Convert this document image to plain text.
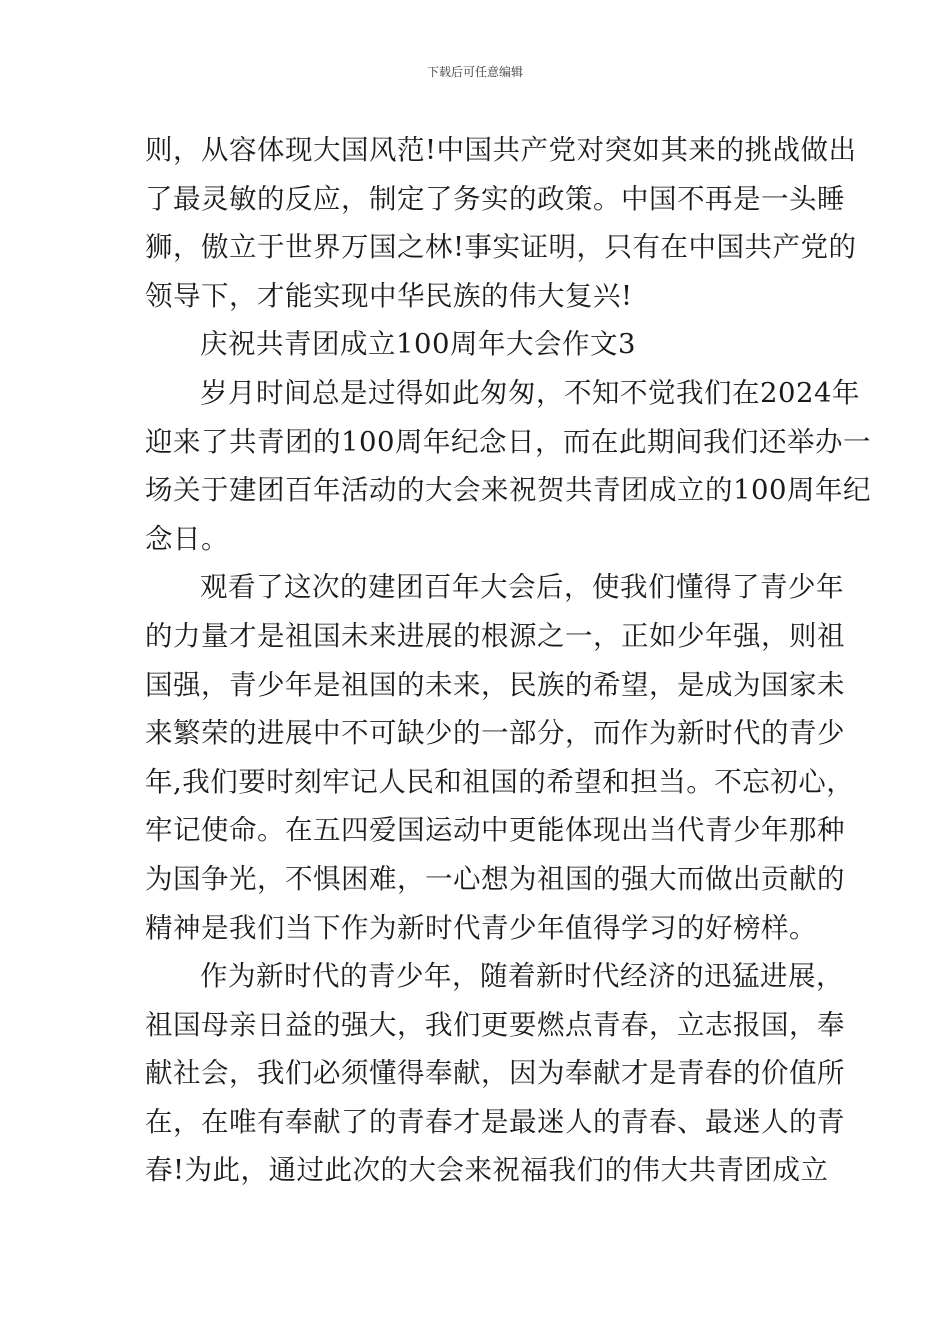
下载后可任意编辑
则，从容体现大国风范!中国共产党对突如其来的挑战做出
了最灵敏的反应，制定了务实的政策。中国不再是一头睡
狮，傲立于世界万国之林!事实证明，只有在中国共产党的
领导下，才能实现中华民族的伟大复兴!
庆祝共青团成立100周年大会作文3
岁月时间总是过得如此匆匆，不知不觉我们在2024年
迎来了共青团的100周年纪念日，而在此期间我们还举办一
场关于建团百年活动的大会来祝贺共青团成立的100周年纪
念日。
观看了这次的建团百年大会后，使我们懂得了青少年
的力量才是祖国未来进展的根源之一，正如少年强，则祖
国强，青少年是祖国的未来，民族的希望，是成为国家未
来繁荣的进展中不可缺少的一部分，而作为新时代的青少
年,我们要时刻牢记人民和祖国的希望和担当。不忘初心，
牢记使命。在五四爱国运动中更能体现出当代青少年那种
为国争光，不惧困难，一心想为祖国的强大而做出贡献的
精神是我们当下作为新时代青少年值得学习的好榜样。
作为新时代的青少年，随着新时代经济的迅猛进展，
祖国母亲日益的强大，我们更要燃点青春，立志报国，奉
献社会，我们必须懂得奉献，因为奉献才是青春的价值所
在，在唯有奉献了的青春才是最迷人的青春、最迷人的青
春!为此，通过此次的大会来祝福我们的伟大共青团成立
